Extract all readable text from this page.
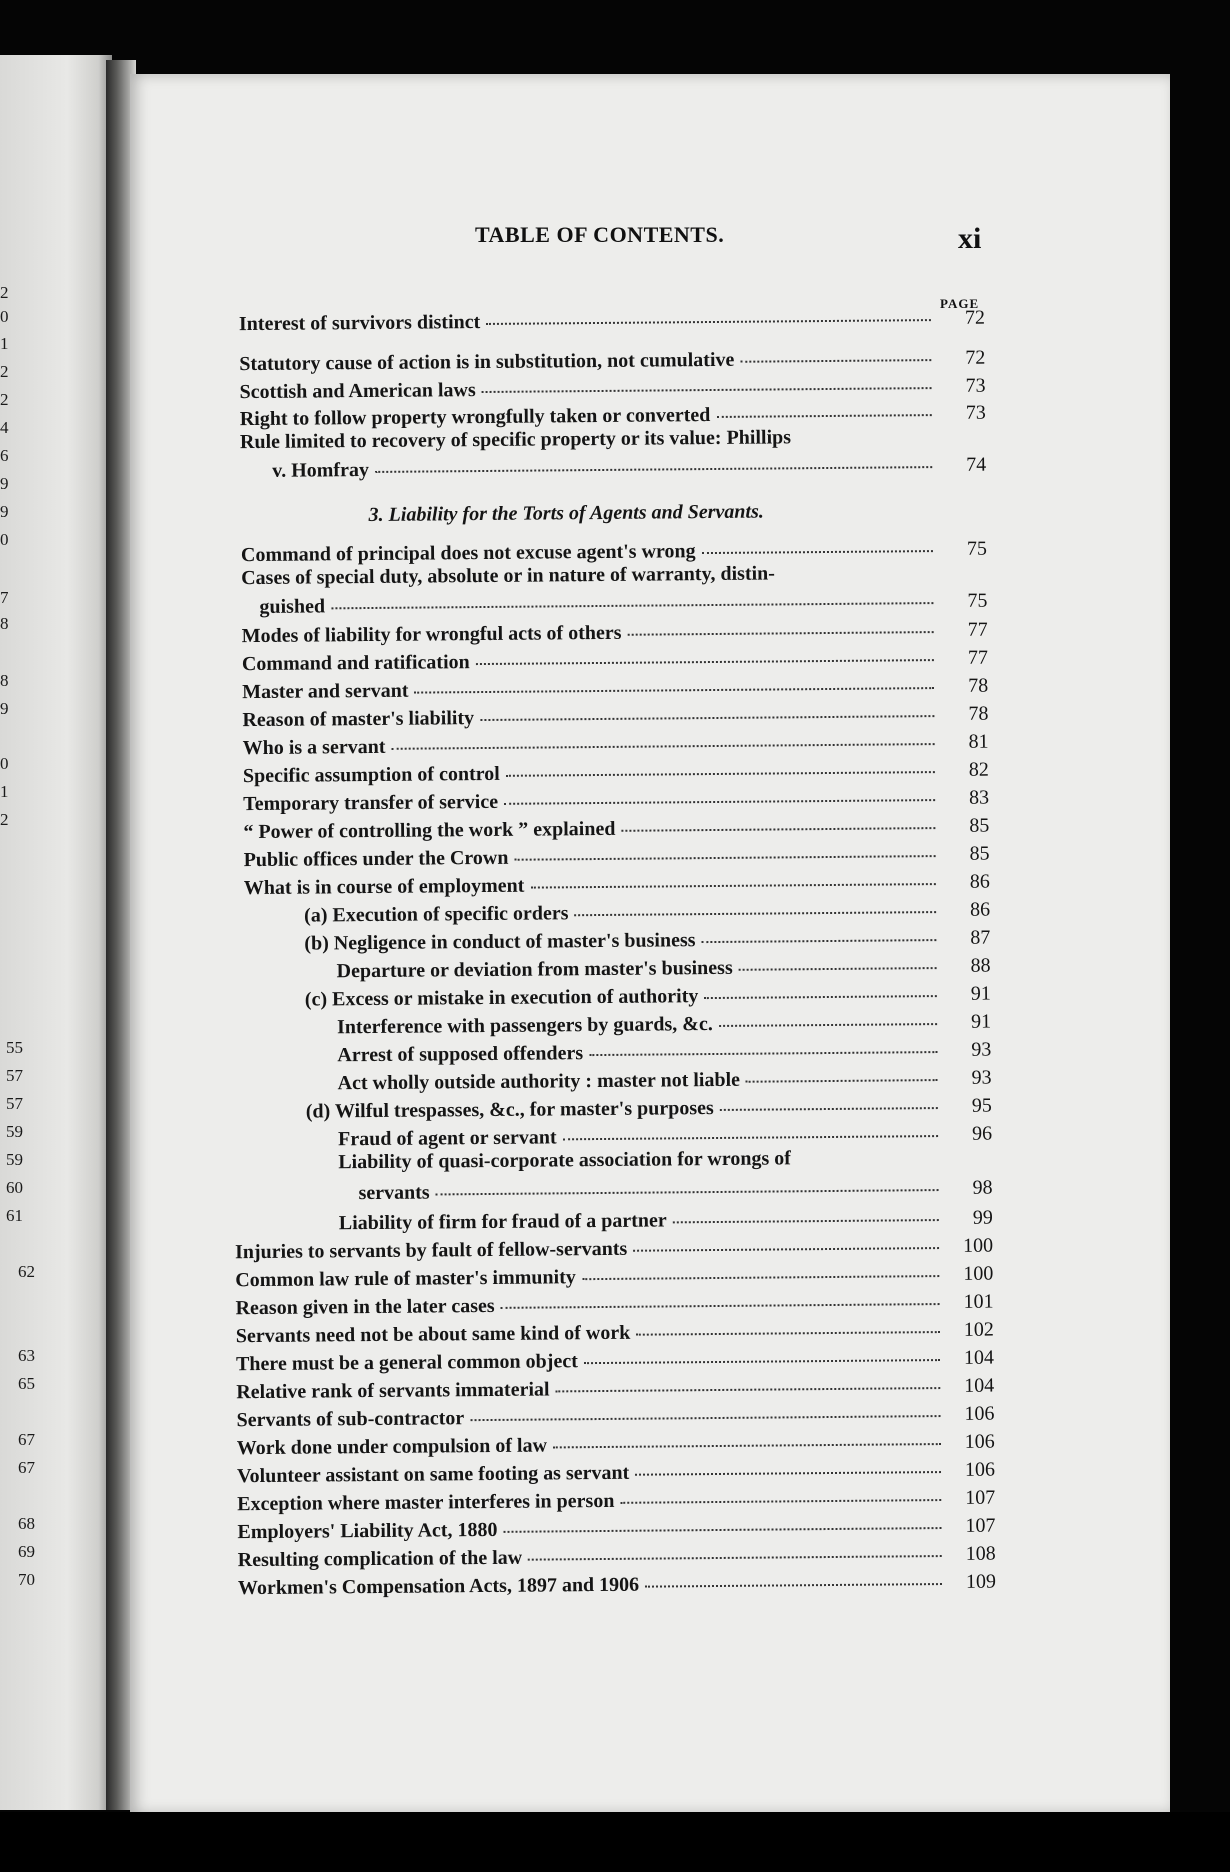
2
0
1
2
2
4
6
9
9
0
7
8
8
9
0
1
2
55
57
57
59
59
60
61
62
63
65
67
67
68
69
70
TABLE OF CONTENTS.	xi
PAGE
Interest of survivors distinct	72
Statutory cause of action is in substitution, not cumulative	72
Scottish and American laws	73
Right to follow property wrongfully taken or converted	73
Rule limited to recovery of specific property or its value: Phillips
v. Homfray	74
Command of principal does not excuse agent's wrong	75
Cases of special duty, absolute or in nature of warranty, distin-
guished	75
Modes of liability for wrongful acts of others	77
Command and ratification	77
Master and servant	78
Reason of master's liability	78
Who is a servant	81
Specific assumption of control	82
Temporary transfer of service	83
“ Power of controlling the work ” explained	85
Public offices under the Crown	85
What is in course of employment	86
(a) Execution of specific orders	86
(b) Negligence in conduct of master's business	87
Departure or deviation from master's business	88
(c) Excess or mistake in execution of authority	91
Interference with passengers by guards, &c.	91
Arrest of supposed offenders	93
Act wholly outside authority : master not liable	93
(d) Wilful trespasses, &c., for master's purposes	95
Fraud of agent or servant	96
Liability of quasi-corporate association for wrongs of
servants	98
Liability of firm for fraud of a partner	99
Injuries to servants by fault of fellow-servants	100
Common law rule of master's immunity	100
Reason given in the later cases	101
Servants need not be about same kind of work	102
There must be a general common object	104
Relative rank of servants immaterial	104
Servants of sub-contractor	106
Work done under compulsion of law	106
Volunteer assistant on same footing as servant	106
Exception where master interferes in person	107
Employers' Liability Act, 1880	107
Resulting complication of the law	108
Workmen's Compensation Acts, 1897 and 1906	109
3. Liability for the Torts of Agents and Servants.
